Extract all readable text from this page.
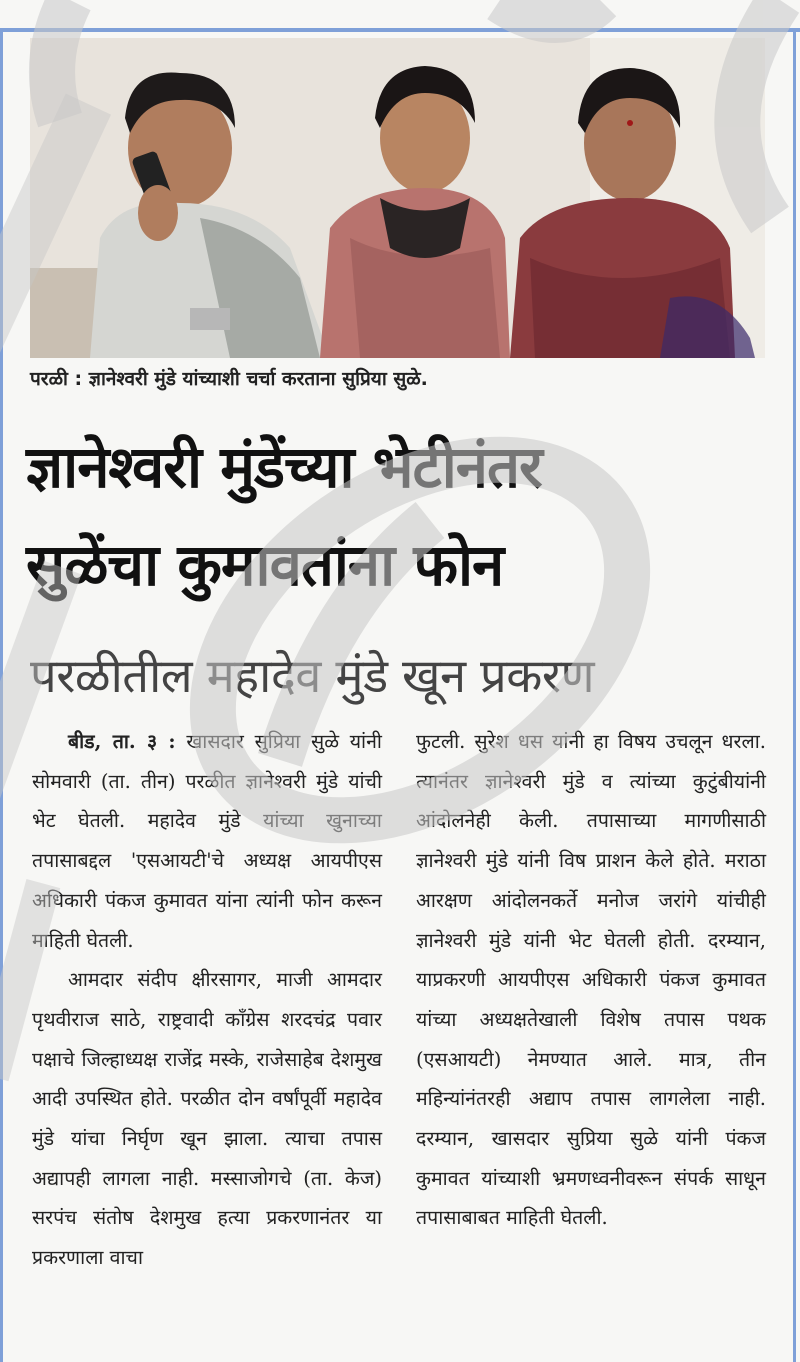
परळी : ज्ञानेश्वरी मुंडे यांच्याशी चर्चा करताना सुप्रिया सुळे.
ज्ञानेश्वरी मुंडेंच्या भेटीनंतर
सुळेंचा कुमावतांना फोन
परळीतील महादेव मुंडे खून प्रकरण

बीड, ता. ३ : खासदार सुप्रिया सुळे यांनी सोमवारी (ता. तीन) परळीत ज्ञानेश्वरी मुंडे यांची भेट घेतली. महादेव मुंडे यांच्या खुनाच्या तपासाबद्दल 'एसआयटी'चे अध्यक्ष आयपीएस अधिकारी पंकज कुमावत यांना त्यांनी फोन करून माहिती घेतली.

आमदार संदीप क्षीरसागर, माजी आमदार पृथवीराज साठे, राष्ट्रवादी काँग्रेस शरदचंद्र पवार पक्षाचे जिल्हाध्यक्ष राजेंद्र मस्के, राजेसाहेब देशमुख आदी उपस्थित होते. परळीत दोन वर्षांपूर्वी महादेव मुंडे यांचा निर्घृण खून झाला. त्याचा तपास अद्यापही लागला नाही. मस्साजोगचे (ता. केज) सरपंच संतोष देशमुख हत्या प्रकरणानंतर या प्रकरणाला वाचा

फुटली. सुरेश धस यांनी हा विषय उचलून धरला. त्यानंतर ज्ञानेश्वरी मुंडे व त्यांच्या कुटुंबीयांनी आंदोलनेही केली. तपासाच्या मागणीसाठी ज्ञानेश्वरी मुंडे यांनी विष प्राशन केले होते. मराठा आरक्षण आंदोलनकर्ते मनोज जरांगे यांचीही ज्ञानेश्वरी मुंडे यांनी भेट घेतली होती. दरम्यान, याप्रकरणी आयपीएस अधिकारी पंकज कुमावत यांच्या अध्यक्षतेखाली विशेष तपास पथक (एसआयटी) नेमण्यात आले. मात्र, तीन महिन्यांनंतरही अद्याप तपास लागलेला नाही. दरम्यान, खासदार सुप्रिया सुळे यांनी पंकज कुमावत यांच्याशी भ्रमणध्वनीवरून संपर्क साधून तपासाबाबत माहिती घेतली.
